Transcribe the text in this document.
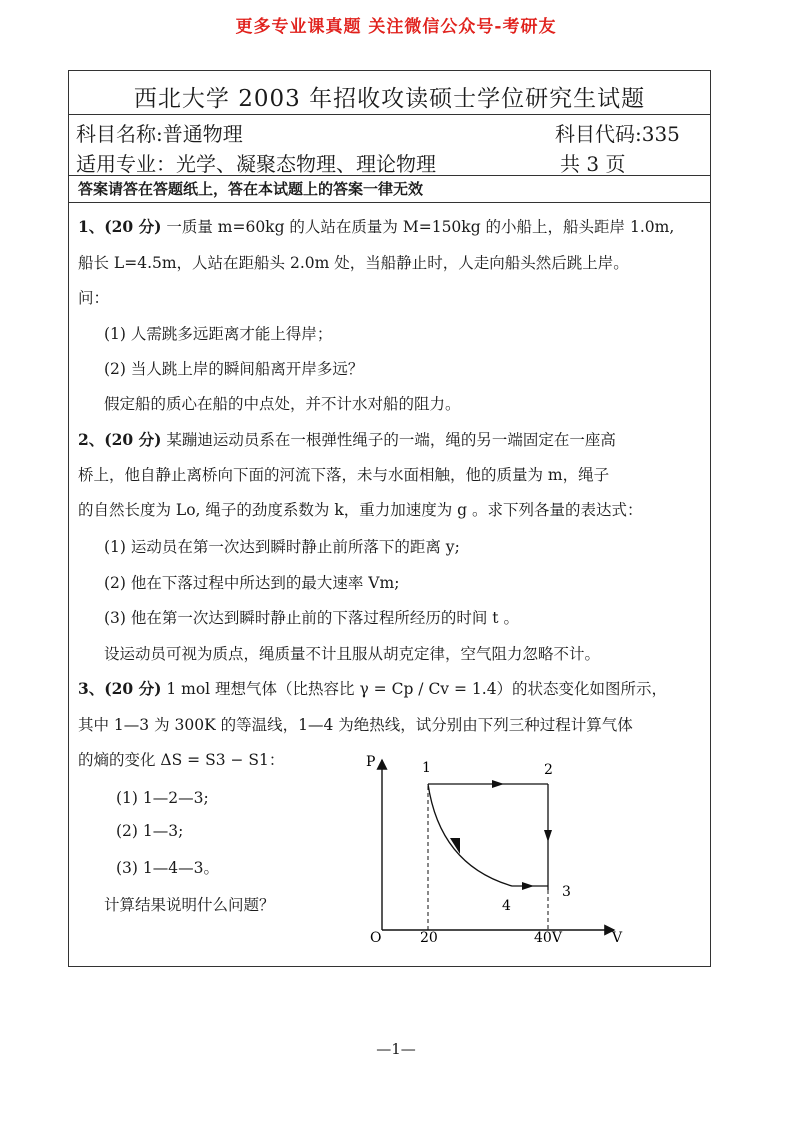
更多专业课真题 关注微信公众号-考研友
西北大学 2003 年招收攻读硕士学位研究生试题
科目名称:普通物理	科目代码:335
适用专业：光学、凝聚态物理、理论物理	共 3 页
答案请答在答题纸上，答在本试题上的答案一律无效
1、(20 分) 一质量 m=60kg 的人站在质量为 M=150kg 的小船上，船头距岸 1.0m,
船长 L=4.5m，人站在距船头 2.0m 处，当船静止时，人走向船头然后跳上岸。
问：
(1) 人需跳多远距离才能上得岸；
(2) 当人跳上岸的瞬间船离开岸多远？
假定船的质心在船的中点处，并不计水对船的阻力。
2、(20 分) 某蹦迪运动员系在一根弹性绳子的一端，绳的另一端固定在一座高
桥上，他自静止离桥向下面的河流下落，未与水面相触，他的质量为 m，绳子
的自然长度为 Lo, 绳子的劲度系数为 k，重力加速度为 g 。求下列各量的表达式：
(1) 运动员在第一次达到瞬时静止前所落下的距离 y;
(2) 他在下落过程中所达到的最大速率 Vm;
(3) 他在第一次达到瞬时静止前的下落过程所经历的时间 t 。
设运动员可视为质点，绳质量不计且服从胡克定律，空气阻力忽略不计。
3、(20 分) 1 mol 理想气体（比热容比 γ = Cp / Cv = 1.4）的状态变化如图所示，
其中 1—3 为 300K 的等温线，1—4 为绝热线，试分别由下列三种过程计算气体
的熵的变化 ΔS = S3 − S1：
(1) 1—2—3;
(2) 1—3;
(3) 1—4—3。
计算结果说明什么问题？
P	1	2
3
4
O	20	40V	V
—1—
